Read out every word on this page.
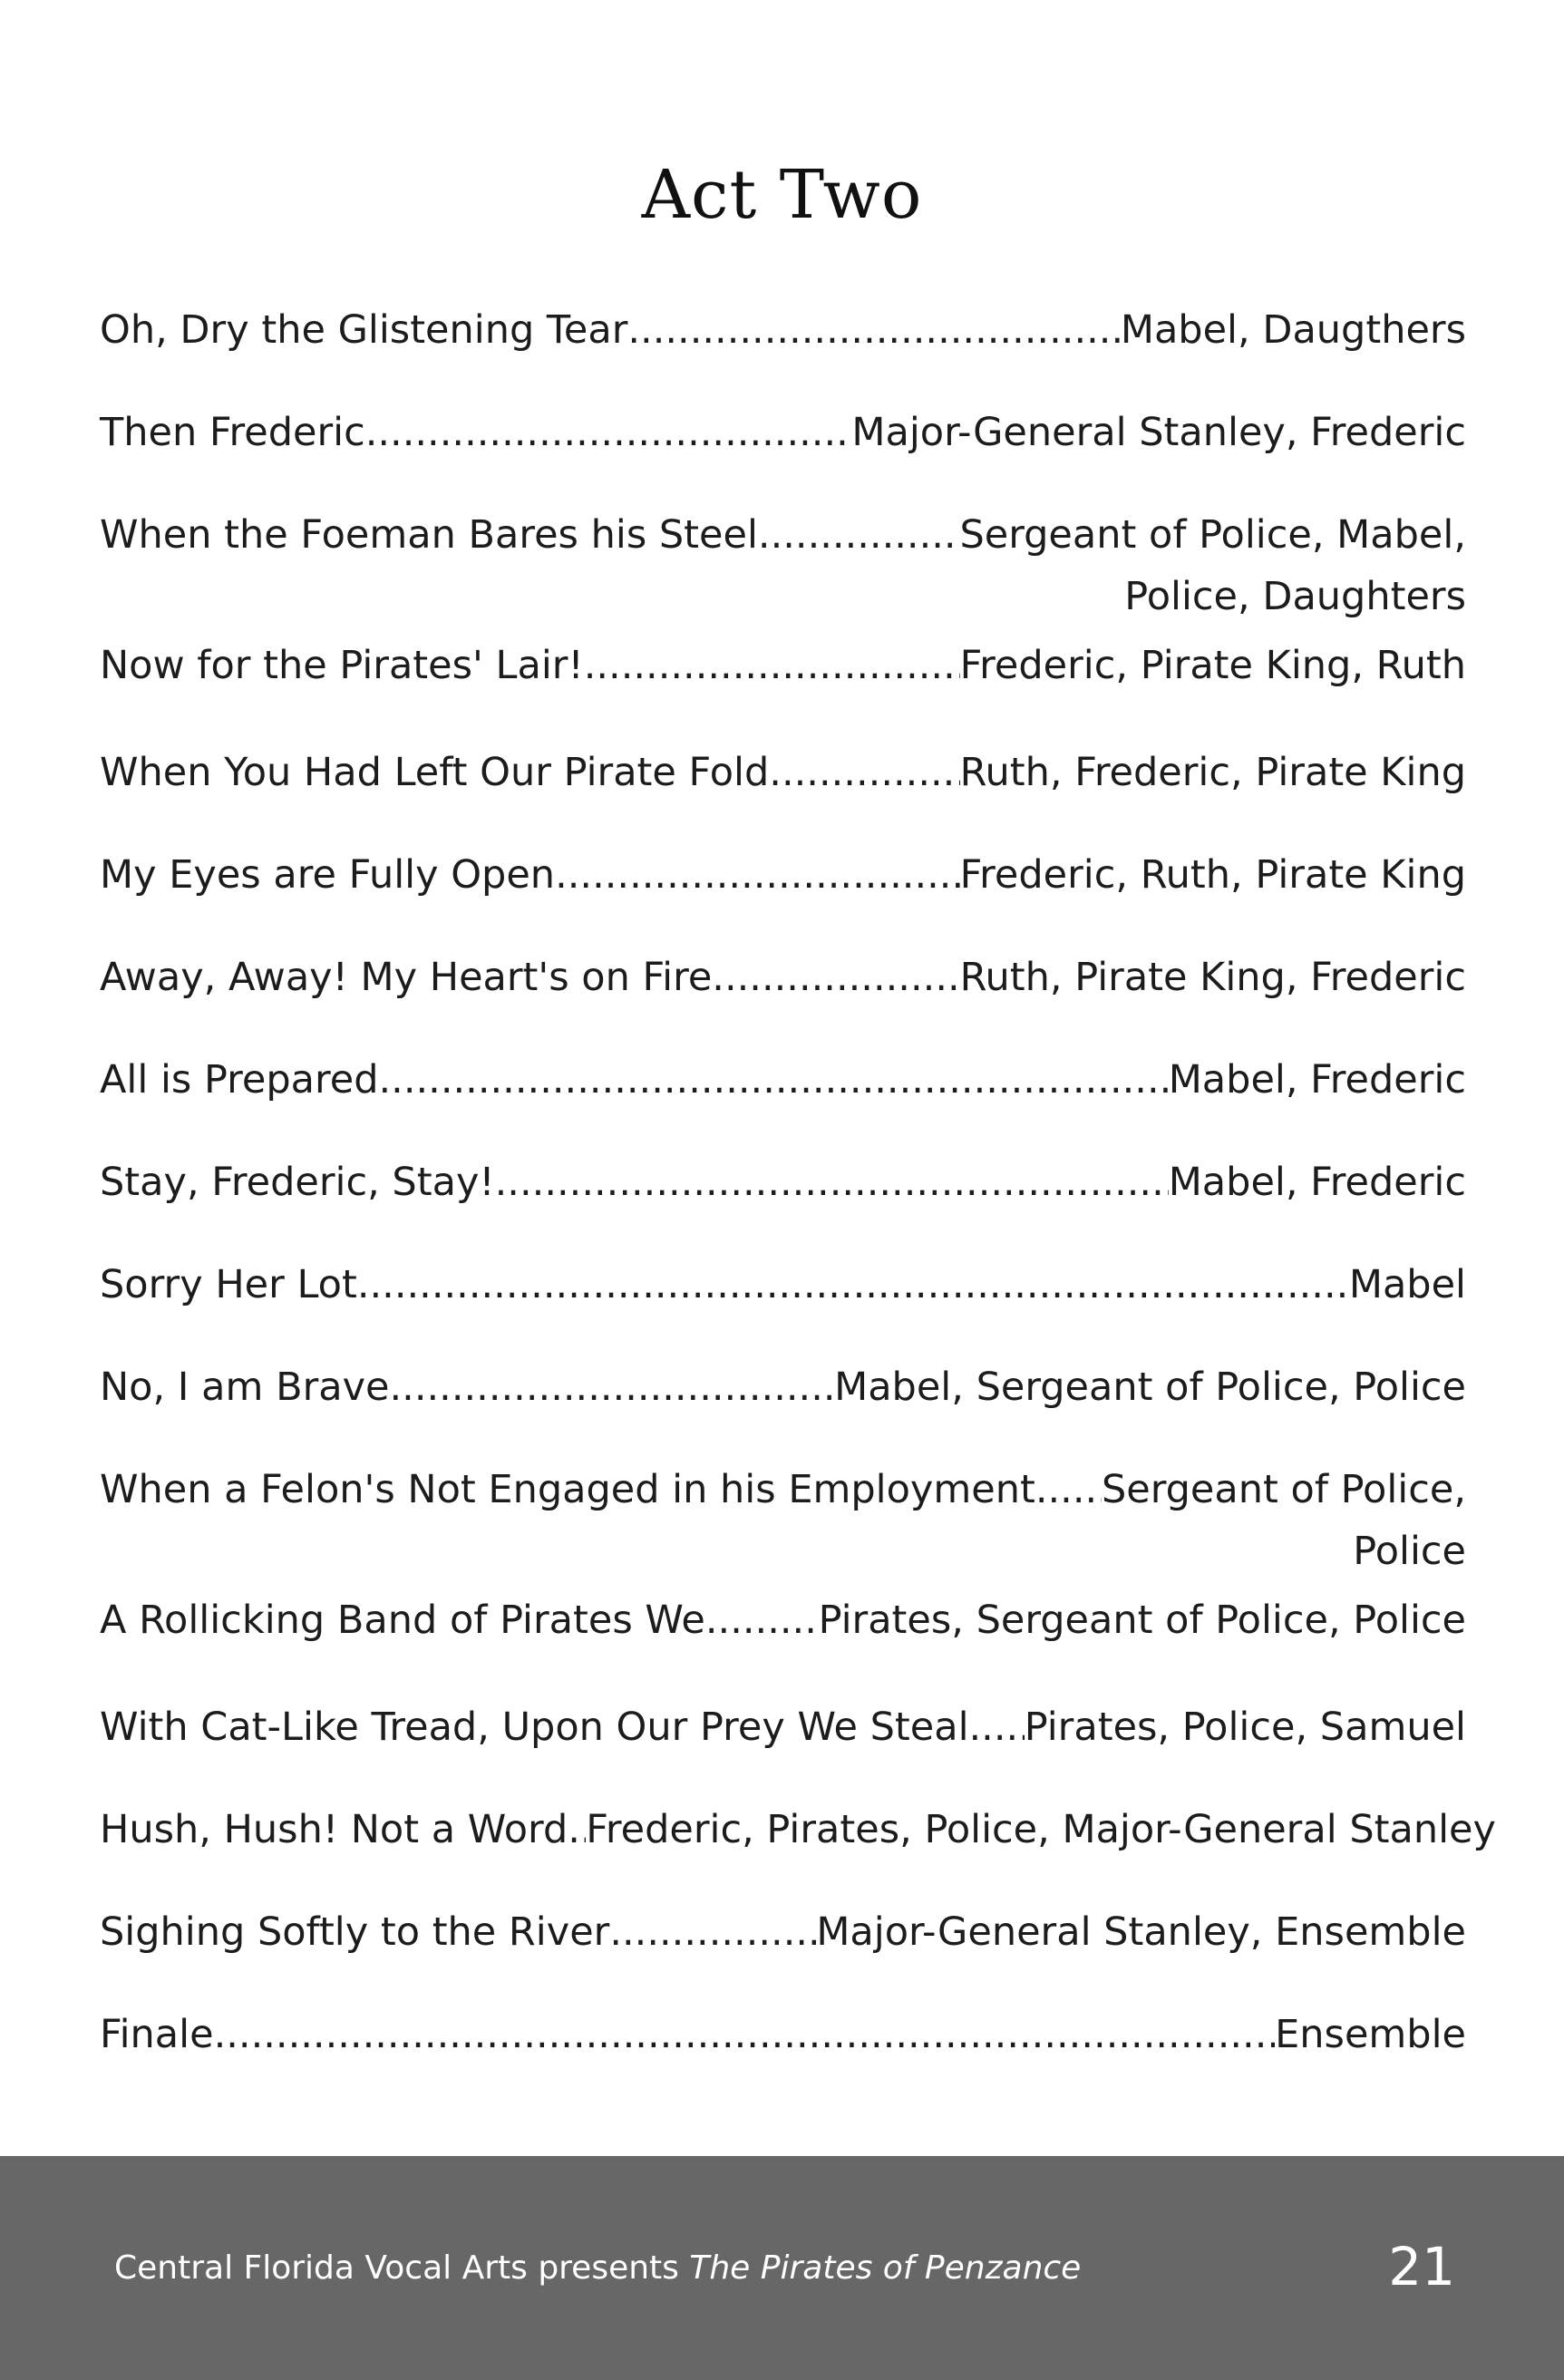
Act Two
Oh, Dry the Glistening Tear .....	Mabel, Daugthers
Then Frederic .....	Major-General Stanley, Frederic
When the Foeman Bares his Steel .....	Sergeant of Police, Mabel,
Police, Daughters
Now for the Pirates' Lair! .....	Frederic, Pirate King, Ruth
When You Had Left Our Pirate Fold .....	Ruth, Frederic, Pirate King
My Eyes are Fully Open .....	Frederic, Ruth, Pirate King
Away, Away! My Heart's on Fire .....	Ruth, Pirate King, Frederic
All is Prepared .....	Mabel, Frederic
Stay, Frederic, Stay! .....	Mabel, Frederic
Sorry Her Lot .....	Mabel
No, I am Brave .....	Mabel, Sergeant of Police, Police
When a Felon's Not Engaged in his Employment ..... Sergeant of Police,
Police
A Rollicking Band of Pirates We .....	Pirates, Sergeant of Police, Police
With Cat-Like Tread, Upon Our Prey We Steal ..... Pirates, Police, Samuel
Hush, Hush! Not a Word ..... Frederic, Pirates, Police, Major-General Stanley
Sighing Softly to the River .....	Major-General Stanley, Ensemble
Finale .....	Ensemble
Central Florida Vocal Arts presents The Pirates of Penzance	21
